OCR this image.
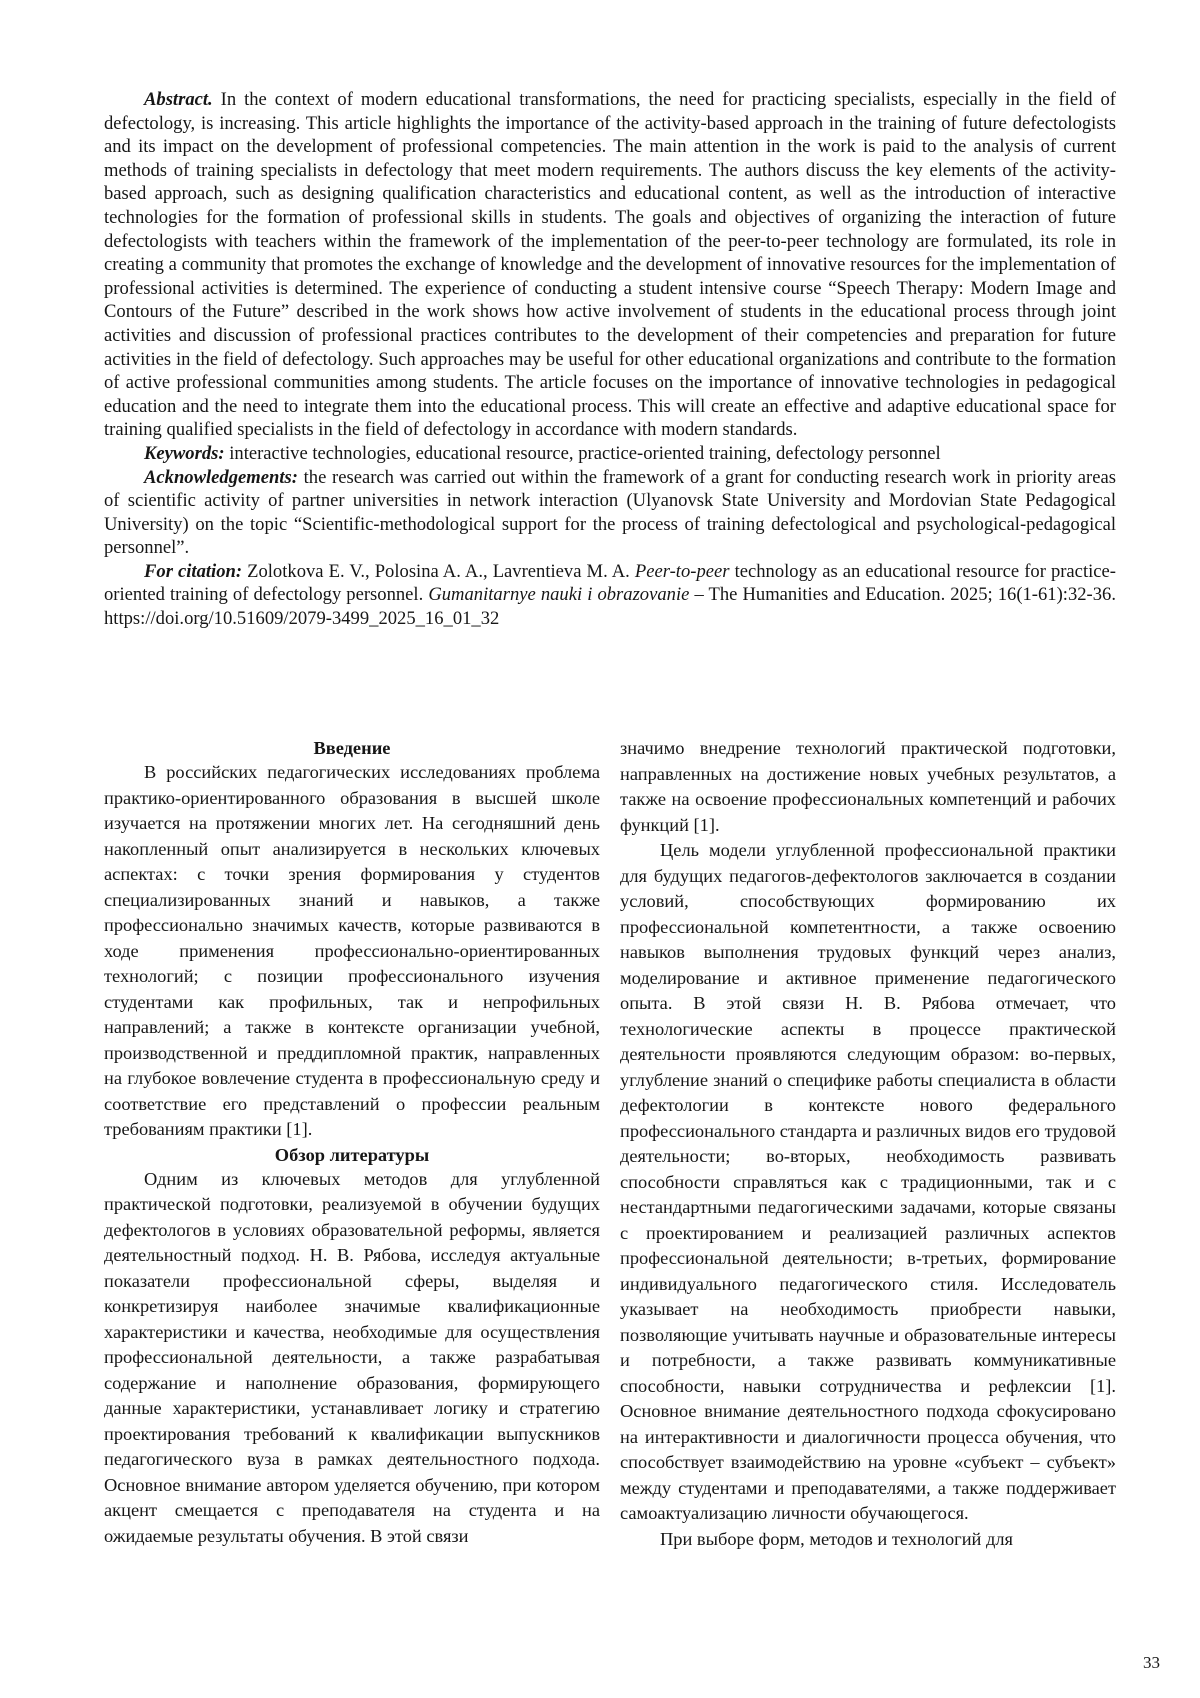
Abstract. In the context of modern educational transformations, the need for practicing specialists, especially in the field of defectology, is increasing. This article highlights the importance of the activity-based approach in the training of future defectologists and its impact on the development of professional competencies. The main attention in the work is paid to the analysis of current methods of training specialists in defectology that meet modern requirements. The authors discuss the key elements of the activity-based approach, such as designing qualification characteristics and educational content, as well as the introduction of interactive technologies for the formation of professional skills in students. The goals and objectives of organizing the interaction of future defectologists with teachers within the framework of the implementation of the peer-to-peer technology are formulated, its role in creating a community that promotes the exchange of knowledge and the development of innovative resources for the implementation of professional activities is determined. The experience of conducting a student intensive course “Speech Therapy: Modern Image and Contours of the Future” described in the work shows how active involvement of students in the educational process through joint activities and discussion of professional practices contributes to the development of their competencies and preparation for future activities in the field of defectology. Such approaches may be useful for other educational organizations and contribute to the formation of active professional communities among students. The article focuses on the importance of innovative technologies in pedagogical education and the need to integrate them into the educational process. This will create an effective and adaptive educational space for training qualified specialists in the field of defectology in accordance with modern standards.

Keywords: interactive technologies, educational resource, practice-oriented training, defectology personnel

Acknowledgements: the research was carried out within the framework of a grant for conducting research work in priority areas of scientific activity of partner universities in network interaction (Ulyanovsk State University and Mordovian State Pedagogical University) on the topic “Scientific-methodological support for the process of training defectological and psychological-pedagogical personnel”.

For citation: Zolotkova E. V., Polosina A. A., Lavrentieva M. A. Peer-to-peer technology as an educational resource for practice-oriented training of defectology personnel. Gumanitarnye nauki i obrazovanie – The Humanities and Education. 2025; 16(1-61):32-36. https://doi.org/10.51609/2079-3499_2025_16_01_32

Введение

В российских педагогических исследованиях проблема практико-ориентированного образования в высшей школе изучается на протяжении многих лет. На сегодняшний день накопленный опыт анализируется в нескольких ключевых аспектах: с точки зрения формирования у студентов специализированных знаний и навыков, а также профессионально значимых качеств, которые развиваются в ходе применения профессионально-ориентированных технологий; с позиции профессионального изучения студентами как профильных, так и непрофильных направлений; а также в контексте организации учебной, производственной и преддипломной практик, направленных на глубокое вовлечение студента в профессиональную среду и соответствие его представлений о профессии реальным требованиям практики [1].

Обзор литературы

Одним из ключевых методов для углубленной практической подготовки, реализуемой в обучении будущих дефектологов в условиях образовательной реформы, является деятельностный подход. Н. В. Рябова, исследуя актуальные показатели профессиональной сферы, выделяя и конкретизируя наиболее значимые квалификационные характеристики и качества, необходимые для осуществления профессиональной деятельности, а также разрабатывая содержание и наполнение образования, формирующего данные характеристики, устанавливает логику и стратегию проектирования требований к квалификации выпускников педагогического вуза в рамках деятельностного подхода. Основное внимание автором уделяется обучению, при котором акцент смещается с преподавателя на студента и на ожидаемые результаты обучения. В этой связи

значимо внедрение технологий практической подготовки, направленных на достижение новых учебных результатов, а также на освоение профессиональных компетенций и рабочих функций [1].

Цель модели углубленной профессиональной практики для будущих педагогов-дефектологов заключается в создании условий, способствующих формированию их профессиональной компетентности, а также освоению навыков выполнения трудовых функций через анализ, моделирование и активное применение педагогического опыта. В этой связи Н. В. Рябова отмечает, что технологические аспекты в процессе практической деятельности проявляются следующим образом: во-первых, углубление знаний о специфике работы специалиста в области дефектологии в контексте нового федерального профессионального стандарта и различных видов его трудовой деятельности; во-вторых, необходимость развивать способности справляться как с традиционными, так и с нестандартными педагогическими задачами, которые связаны с проектированием и реализацией различных аспектов профессиональной деятельности; в-третьих, формирование индивидуального педагогического стиля. Исследователь указывает на необходимость приобрести навыки, позволяющие учитывать научные и образовательные интересы и потребности, а также развивать коммуникативные способности, навыки сотрудничества и рефлексии [1]. Основное внимание деятельностного подхода сфокусировано на интерактивности и диалогичности процесса обучения, что способствует взаимодействию на уровне «субъект – субъект» между студентами и преподавателями, а также поддерживает самоактуализацию личности обучающегося.

При выборе форм, методов и технологий для

33
